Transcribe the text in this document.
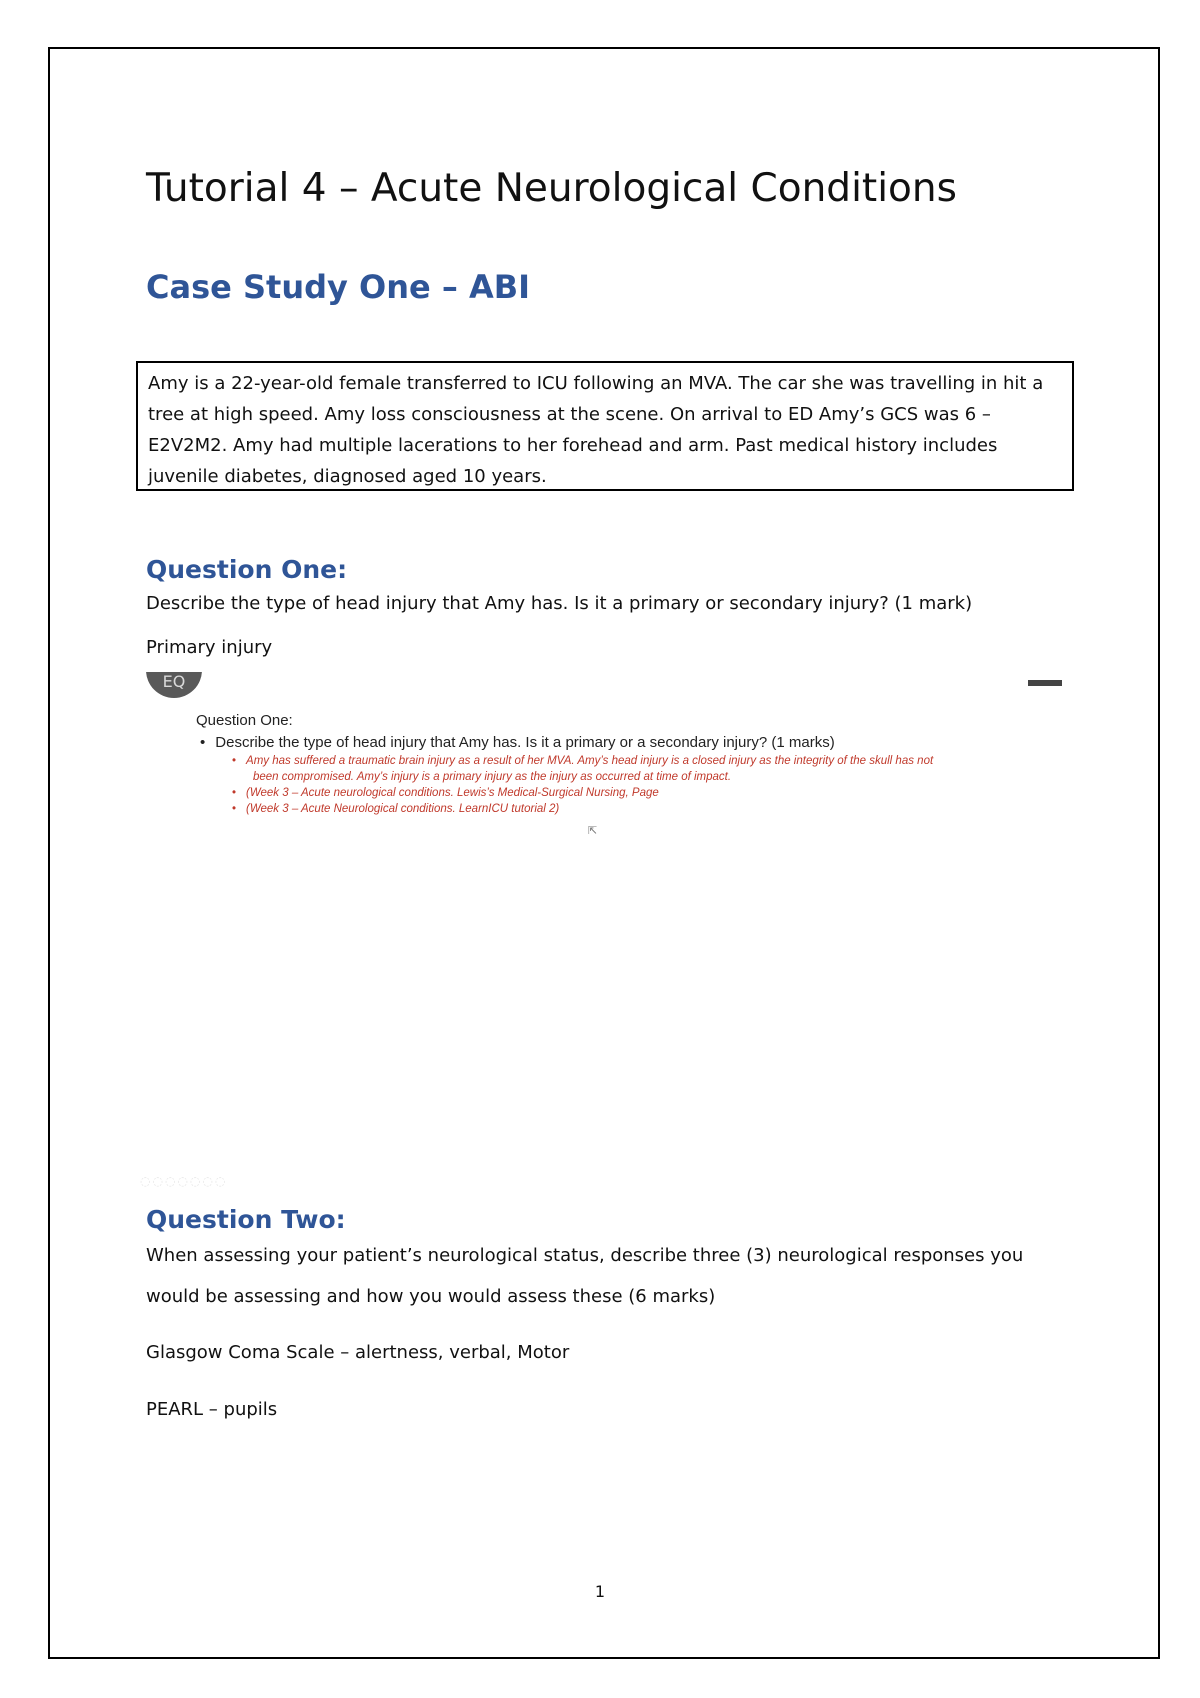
Tutorial 4 – Acute Neurological Conditions
Case Study One – ABI
Amy is a 22-year-old female transferred to ICU following an MVA. The car she was travelling in hit a tree at high speed. Amy loss consciousness at the scene. On arrival to ED Amy’s GCS was 6 – E2V2M2. Amy had multiple lacerations to her forehead and arm. Past medical history includes juvenile diabetes, diagnosed aged 10 years.
Question One:

Describe the type of head injury that Amy has. Is it a primary or secondary injury? (1 mark)

Primary injury

EQ
Question One:
• Describe the type of head injury that Amy has. Is it a primary or a secondary injury? (1 marks)
• Amy has suffered a traumatic brain injury as a result of her MVA. Amy’s head injury is a closed injury as the integrity of the skull has not
been compromised. Amy’s injury is a primary injury as the injury as occurred at time of impact.
• (Week 3 – Acute neurological conditions. Lewis’s Medical-Surgical Nursing, Page
• (Week 3 – Acute Neurological conditions. LearnICU tutorial 2)
⇱
◌◌◌◌◌◌◌
Question Two:

When assessing your patient’s neurological status, describe three (3) neurological responses you would be assessing and how you would assess these (6 marks)

Glasgow Coma Scale – alertness, verbal, Motor

PEARL – pupils

1
